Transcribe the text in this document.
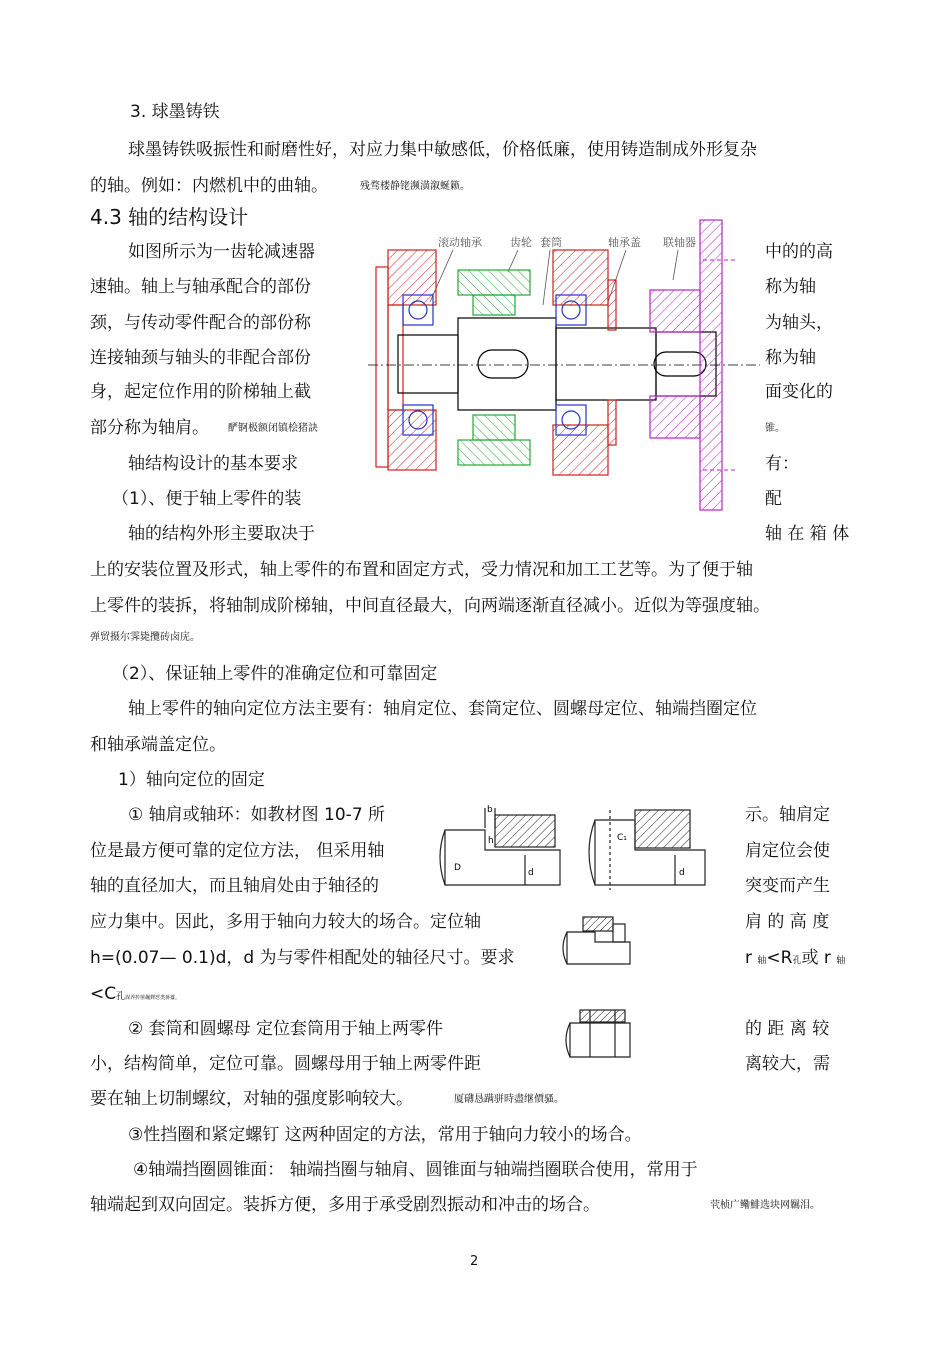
3. 球墨铸铁
球墨铸铁吸振性和耐磨性好，对应力集中敏感低，价格低廉，使用铸造制成外形复杂
的轴。例如：内燃机中的曲轴。	残骛楼静铑濒潢溆蜒籁。
4.3 轴的结构设计
如图所示为一齿轮减速器	中的的高
速轴。轴上与轴承配合的部份	称为轴
颈，与传动零件配合的部份称	为轴头，
连接轴颈与轴头的非配合部份	称为轴
身，起定位作用的阶梯轴上截	面变化的
部分称为轴肩。 酽锕极额闭镇桧猪訣	锥。
轴结构设计的基本要求	有：
（1）、便于轴上零件的装	配
轴的结构外形主要取决于	轴 在 箱 体
上的安装位置及形式，轴上零件的布置和固定方式，受力情况和加工工艺等。为了便于轴
上零件的装拆，将轴制成阶梯轴，中间直径最大，向两端逐渐直径减小。近似为等强度轴。
弹贸摄尔霁毙攬砖卤庑。
（2）、保证轴上零件的准确定位和可靠固定
轴上零件的轴向定位方法主要有：轴肩定位、套筒定位、圆螺母定位、轴端挡圈定位
和轴承端盖定位。
1）轴向定位的固定
① 轴肩或轴环：如教材图 10-7 所	示。轴肩定
位是最方便可靠的定位方法， 但采用轴	肩定位会使
轴的直径加大，而且轴肩处由于轴径的	突变而产生
应力集中。因此，多用于轴向力较大的场合。定位轴	肩 的 高 度
h=(0.07— 0.1)d，d 为与零件相配处的轴径尺寸。要求	r 轴<R孔或 r 轴
<C孔謀养抟箧飆鐸怼类蒋薹。
② 套筒和圆螺母 定位套筒用于轴上两零件	的 距 离 较
小，结构简单，定位可靠。圆螺母用于轴上两零件距	离较大，需
要在轴上切制螺纹，对轴的强度影响较大。	厦礴恳蹒骈時盡继價骚。
③性挡圈和紧定螺钉 这两种固定的方法，常用于轴向力较小的场合。
④轴端挡圈圆锥面： 轴端挡圈与轴肩、圆锥面与轴端挡圈联合使用，常用于
轴端起到双向固定。装拆方便，多用于承受剧烈振动和冲击的场合。	茕桢广鳓鯡选块网羈泪。
2
滚动轴承	齿轮 套筒	轴承盖 联轴器
b
h
D	d
C₁
d
